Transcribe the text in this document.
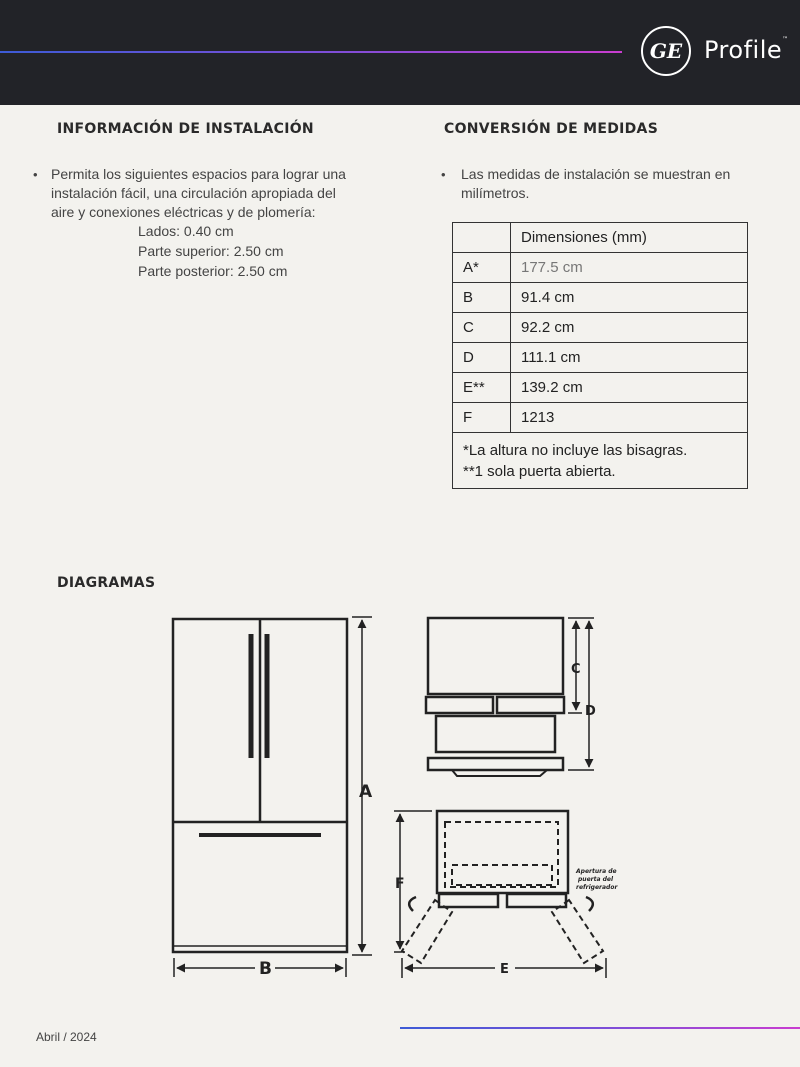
GE Profile™
INFORMACIÓN DE INSTALACIÓN
• Permita los siguientes espacios para lograr una
instalación fácil, una circulación apropiada del
aire y conexiones eléctricas y de plomería:
Lados: 0.40 cm
Parte superior: 2.50 cm
Parte posterior: 2.50 cm
CONVERSIÓN DE MEDIDAS
• Las medidas de instalación se muestran en
milímetros.
	Dimensiones (mm)
A*	177.5 cm
B	91.4 cm
C	92.2 cm
D	111.1 cm
E**	139.2 cm
F	1213

*La altura no incluye las bisagras.
**1 sola puerta abierta.	
DIAGRAMAS
A
B
C
D
F
E
Apertura de
puerta del
refrigerador
Abril / 2024
